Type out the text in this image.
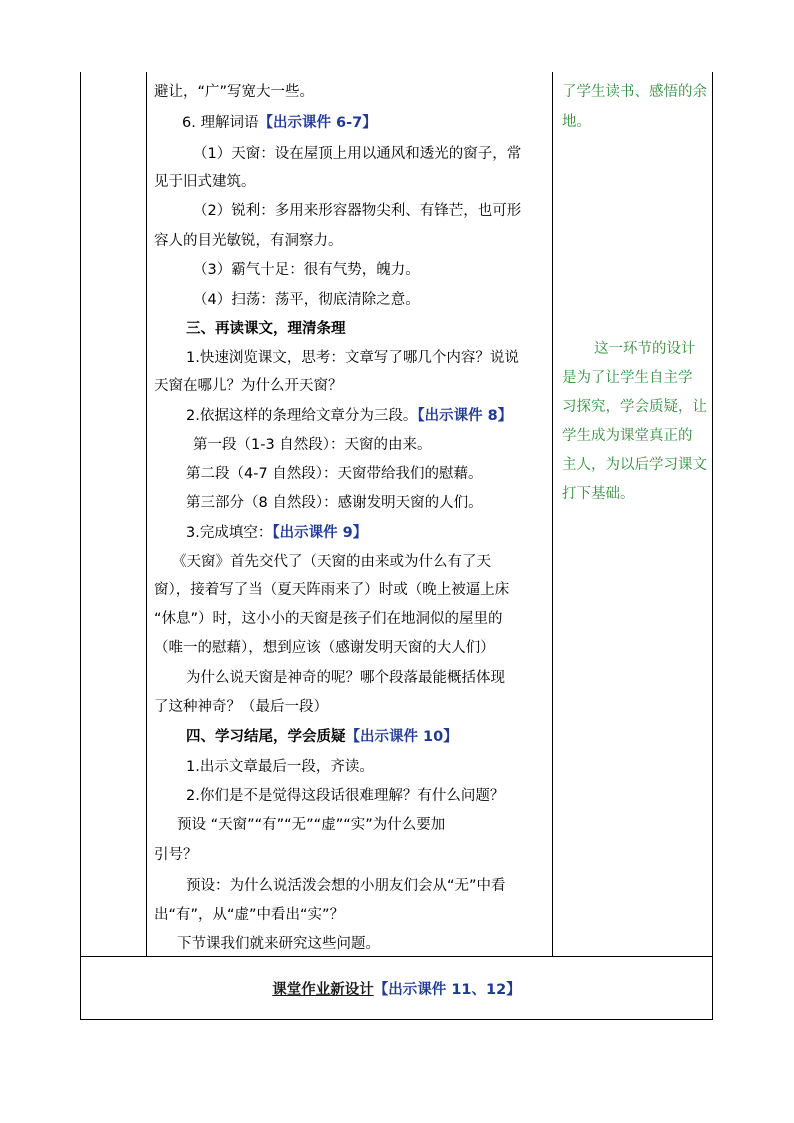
避让，“广”写宽大一些。
6. 理解词语【出示课件 6-7】
（1）天窗：设在屋顶上用以通风和透光的窗子，常
见于旧式建筑。
（2）锐利：多用来形容器物尖利、有锋芒，也可形
容人的目光敏锐，有洞察力。
（3）霸气十足：很有气势，魄力。
（4）扫荡：荡平，彻底清除之意。
三、再读课文，理清条理
1.快速浏览课文，思考：文章写了哪几个内容？说说
天窗在哪儿？为什么开天窗？
2.依据这样的条理给文章分为三段。【出示课件 8】
第一段（1-3 自然段）：天窗的由来。
第二段（4-7 自然段）：天窗带给我们的慰藉。
第三部分（8 自然段）：感谢发明天窗的人们。
3.完成填空：【出示课件 9】
《天窗》首先交代了（天窗的由来或为什么有了天
窗），接着写了当（夏天阵雨来了）时或（晚上被逼上床
“休息”）时，这小小的天窗是孩子们在地洞似的屋里的
（唯一的慰藉），想到应该（感谢发明天窗的大人们）
为什么说天窗是神奇的呢？哪个段落最能概括体现
了这种神奇？（最后一段）
四、学习结尾，学会质疑【出示课件 10】
1.出示文章最后一段，齐读。
2.你们是不是觉得这段话很难理解？有什么问题？
预设 “天窗”“有”“无”“虚”“实”为什么要加
引号？
预设：为什么说活泼会想的小朋友们会从“无”中看
出“有”，从“虚”中看出“实”？
下节课我们就来研究这些问题。
了学生读书、感悟的余
地。
这一环节的设计
是为了让学生自主学
习探究，学会质疑，让
学生成为课堂真正的
主人，为以后学习课文
打下基础。
课堂作业新设计 【出示课件 11、12】
